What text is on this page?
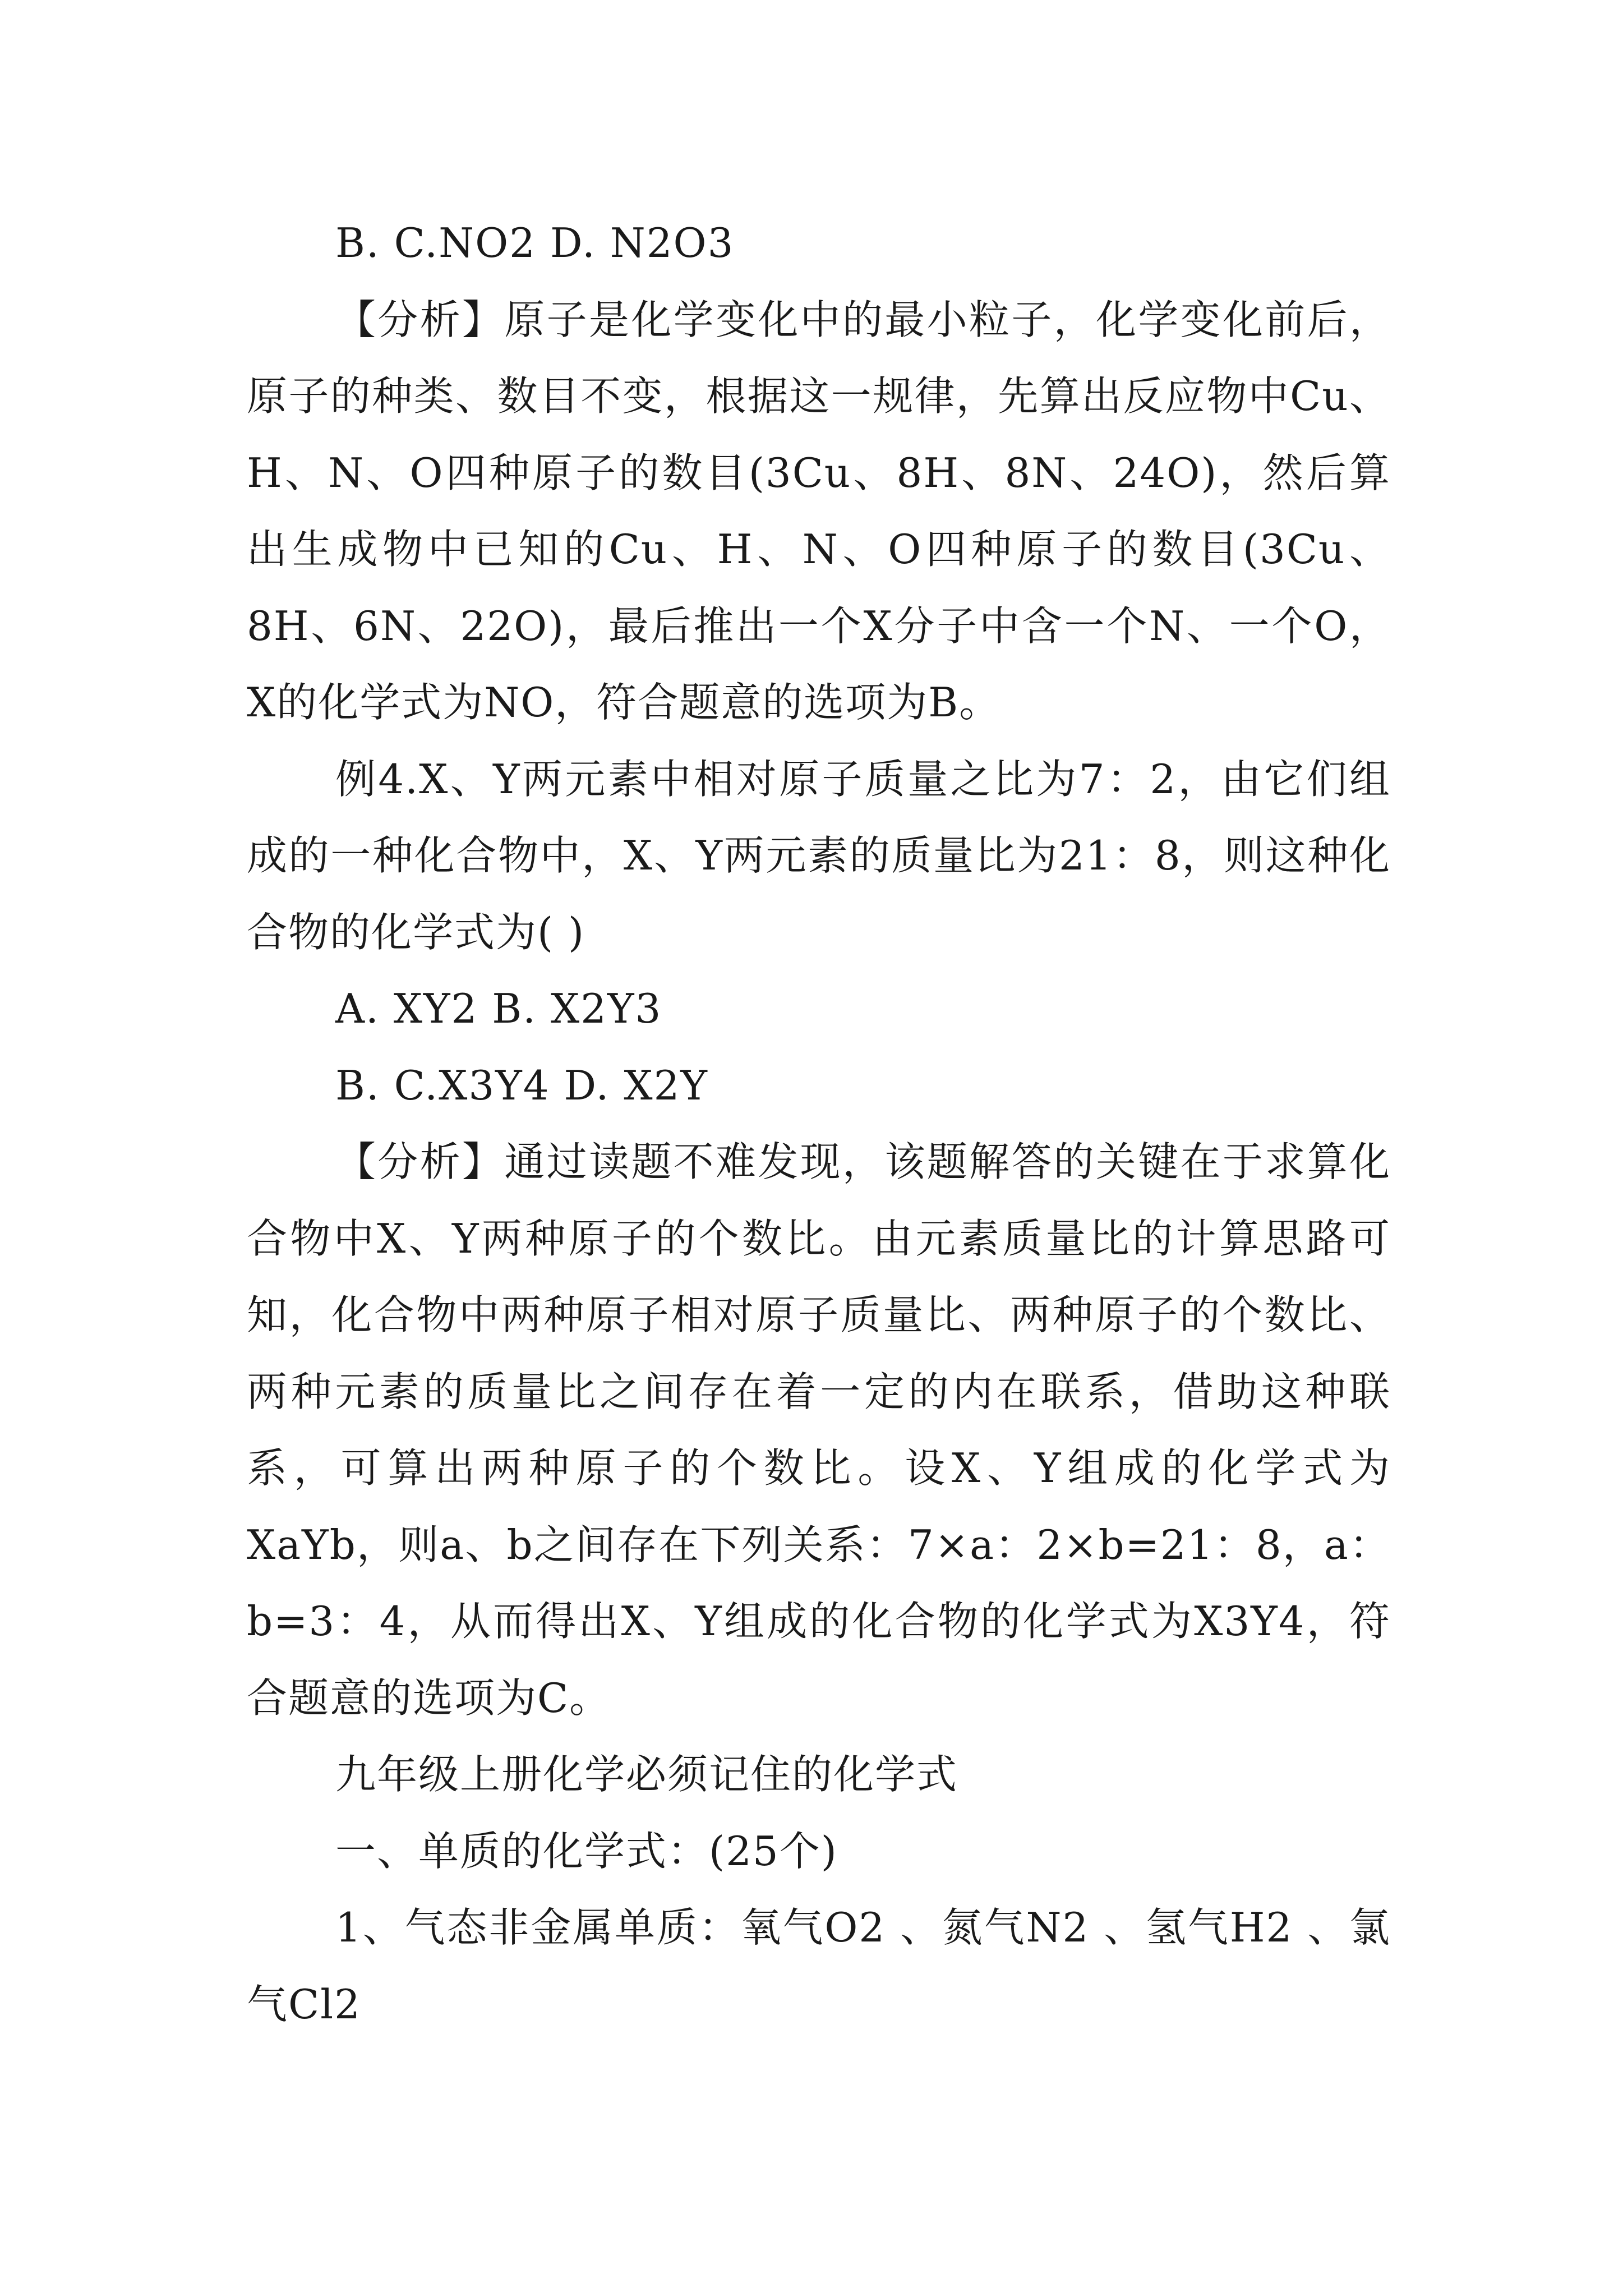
B. C.NO2 D. N2O3

【分析】原子是化学变化中的最小粒子，化学变化前后，原子的种类、数目不变，根据这一规律，先算出反应物中Cu、H、N、O四种原子的数目(3Cu、8H、8N、24O)，然后算出生成物中已知的Cu、H、N、O四种原子的数目(3Cu、8H、6N、22O)，最后推出一个X分子中含一个N、一个O，X的化学式为NO，符合题意的选项为B。

例4.X、Y两元素中相对原子质量之比为7：2，由它们组成的一种化合物中，X、Y两元素的质量比为21：8，则这种化合物的化学式为( )

A. XY2 B. X2Y3

B. C.X3Y4 D. X2Y

【分析】通过读题不难发现，该题解答的关键在于求算化合物中X、Y两种原子的个数比。由元素质量比的计算思路可知，化合物中两种原子相对原子质量比、两种原子的个数比、两种元素的质量比之间存在着一定的内在联系，借助这种联系，可算出两种原子的个数比。设X、Y组成的化学式为XaYb，则a、b之间存在下列关系：7×a：2×b=21：8，a：b=3：4，从而得出X、Y组成的化合物的化学式为X3Y4，符合题意的选项为C。

九年级上册化学必须记住的化学式

一、单质的化学式：(25个)

1、气态非金属单质：氧气O2 、氮气N2 、氢气H2 、氯气Cl2
